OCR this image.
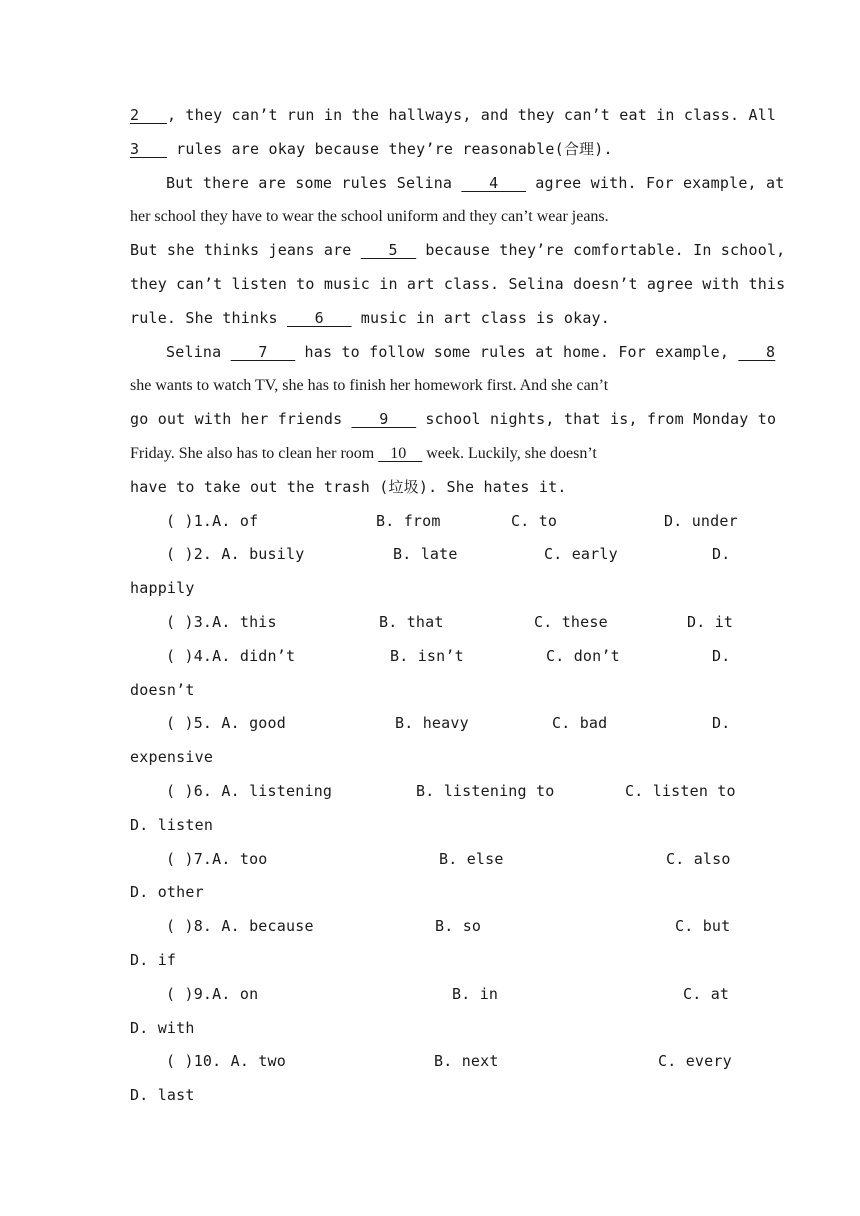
2   , they can’t run in the hallways, and they can’t eat in class. All
3    rules are okay because they’re reasonable(合理).
But there are some rules Selina    4    agree with. For example, at
her school they have to wear the school uniform and they can’t wear jeans.
But she thinks jeans are    5   because they’re comfortable. In school,
they can’t listen to music in art class. Selina doesn’t agree with this
rule. She thinks    6    music in art class is okay.
Selina    7    has to follow some rules at home. For example,    8
she wants to watch TV, she has to finish her homework first. And she can’t
go out with her friends    9    school nights, that is, from Monday to
Friday. She also has to clean her room    10     week. Luckily, she doesn’t
have to take out the trash (垃圾). She hates it.
( )1.A. of	B. from	C. to	D. under
( )2. A. busily	B. late	C. early	D.
happily
( )3.A. this	B. that	C. these	D. it
( )4.A. didn’t	B. isn’t	C. don’t	D.
doesn’t
( )5. A. good	B. heavy	C. bad	D.
expensive
( )6. A. listening	B. listening to	C. listen to
D. listen
( )7.A. too	B. else	C. also
D. other
( )8. A. because	B. so	C. but
D. if
( )9.A. on	B. in	C. at
D. with
( )10. A. two	B. next	C. every
D. last
